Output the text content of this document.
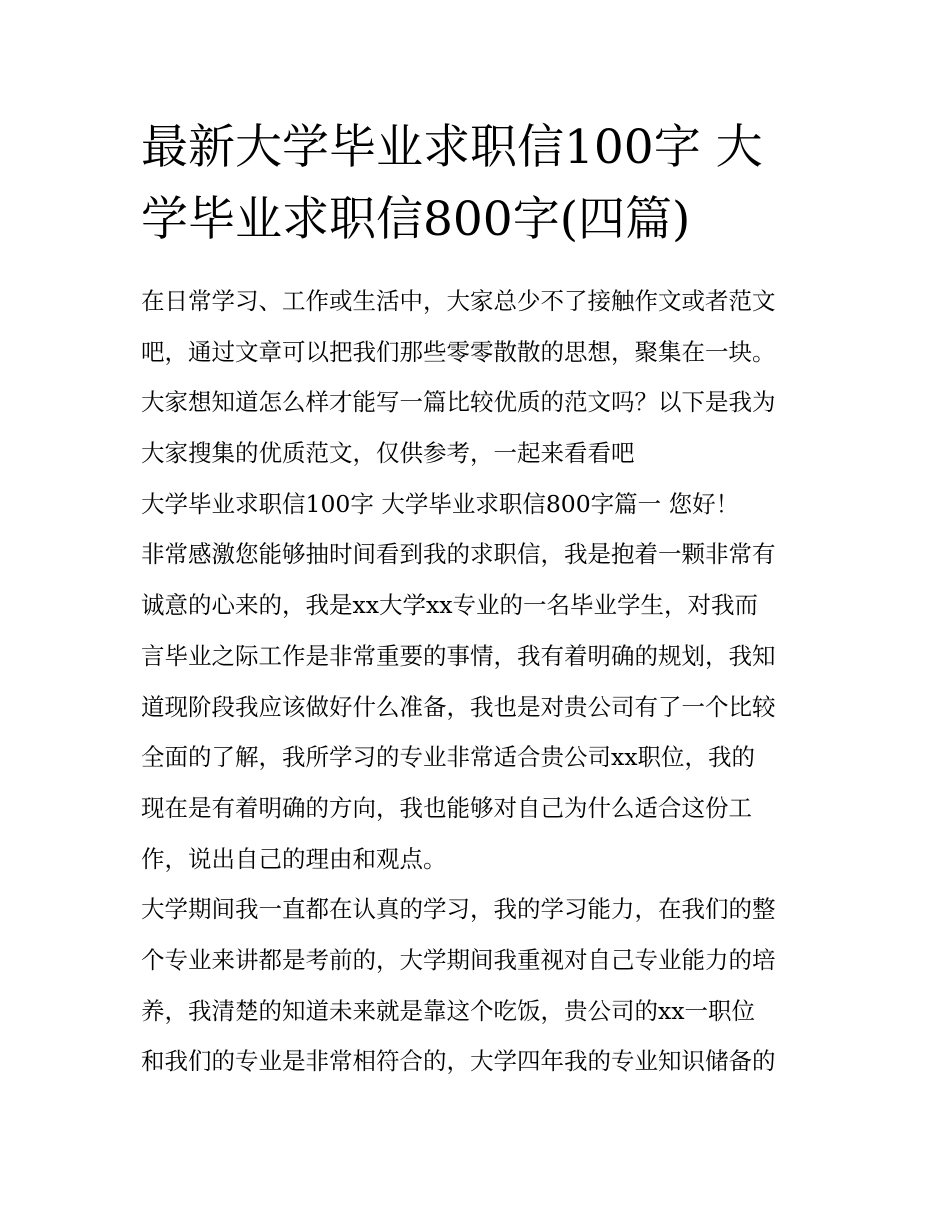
最新大学毕业求职信100字 大
学毕业求职信800字(四篇)
在日常学习、工作或生活中，大家总少不了接触作文或者范文
吧，通过文章可以把我们那些零零散散的思想，聚集在一块。
大家想知道怎么样才能写一篇比较优质的范文吗？以下是我为
大家搜集的优质范文，仅供参考，一起来看看吧
大学毕业求职信100字 大学毕业求职信800字篇一 您好！
非常感激您能够抽时间看到我的求职信，我是抱着一颗非常有
诚意的心来的，我是xx大学xx专业的一名毕业学生，对我而
言毕业之际工作是非常重要的事情，我有着明确的规划，我知
道现阶段我应该做好什么准备，我也是对贵公司有了一个比较
全面的了解，我所学习的专业非常适合贵公司xx职位，我的
现在是有着明确的方向，我也能够对自己为什么适合这份工
作，说出自己的理由和观点。
大学期间我一直都在认真的学习，我的学习能力，在我们的整
个专业来讲都是考前的，大学期间我重视对自己专业能力的培
养，我清楚的知道未来就是靠这个吃饭，贵公司的xx一职位
和我们的专业是非常相符合的，大学四年我的专业知识储备的
